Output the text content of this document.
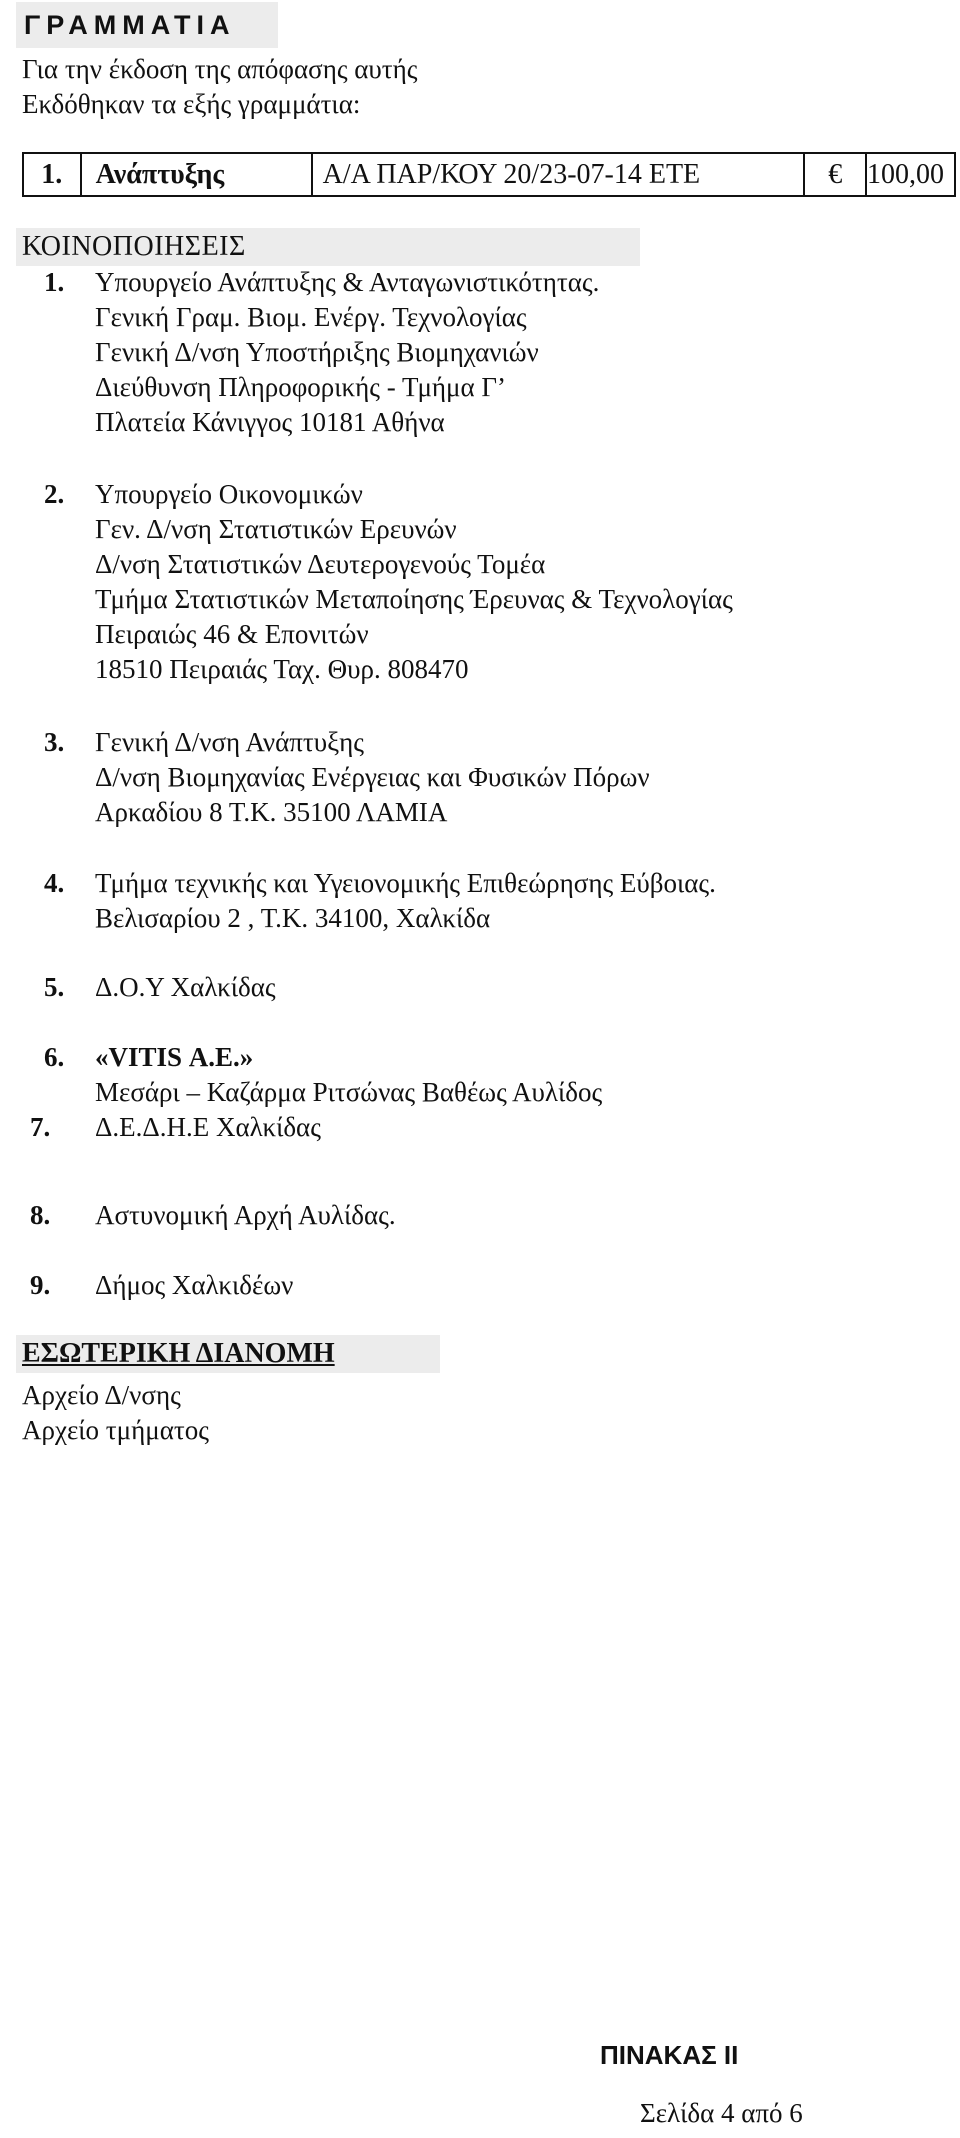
ΓΡΑΜΜΑΤΙΑ
Για την έκδοση της απόφασης αυτής
Εκδόθηκαν τα εξής γραμμάτια:
1.	Ανάπτυξης	Α/Α ΠΑΡ/ΚΟΥ 20/23-07-14 ΕΤΕ	€	100,00
ΚΟΙΝΟΠΟΙΗΣΕΙΣ
1. Υπουργείο Ανάπτυξης & Ανταγωνιστικότητας.
Γενική Γραμ. Βιομ. Ενέργ. Τεχνολογίας
Γενική Δ/νση Υποστήριξης Βιομηχανιών
Διεύθυνση Πληροφορικής - Τμήμα Γ’
Πλατεία Κάνιγγος 10181 Αθήνα
2. Υπουργείο Οικονομικών
Γεν. Δ/νση Στατιστικών Ερευνών
Δ/νση Στατιστικών Δευτερογενούς Τομέα
Τμήμα Στατιστικών Μεταποίησης Έρευνας & Τεχνολογίας
Πειραιώς 46 & Επονιτών
18510 Πειραιάς Ταχ. Θυρ. 808470
3. Γενική Δ/νση Ανάπτυξης
Δ/νση Βιομηχανίας Ενέργειας και Φυσικών Πόρων
Αρκαδίου 8 Τ.Κ. 35100 ΛΑΜΙΑ
4. Τμήμα τεχνικής και Υγειονομικής Επιθεώρησης Εύβοιας.
Βελισαρίου 2 , Τ.Κ. 34100, Χαλκίδα
5. Δ.Ο.Υ Χαλκίδας
6. «VITIS Α.Ε.»
Μεσάρι – Καζάρμα Ριτσώνας Βαθέως Αυλίδος
7. Δ.Ε.Δ.Η.Ε Χαλκίδας
8. Αστυνομική Αρχή Αυλίδας.
9. Δήμος Χαλκιδέων
ΕΣΩΤΕΡΙΚΗ ΔΙΑΝΟΜΗ
Αρχείο Δ/νσης
Αρχείο τμήματος
ΠΙΝΑΚΑΣ ΙΙ
Σελίδα 4 από 6
